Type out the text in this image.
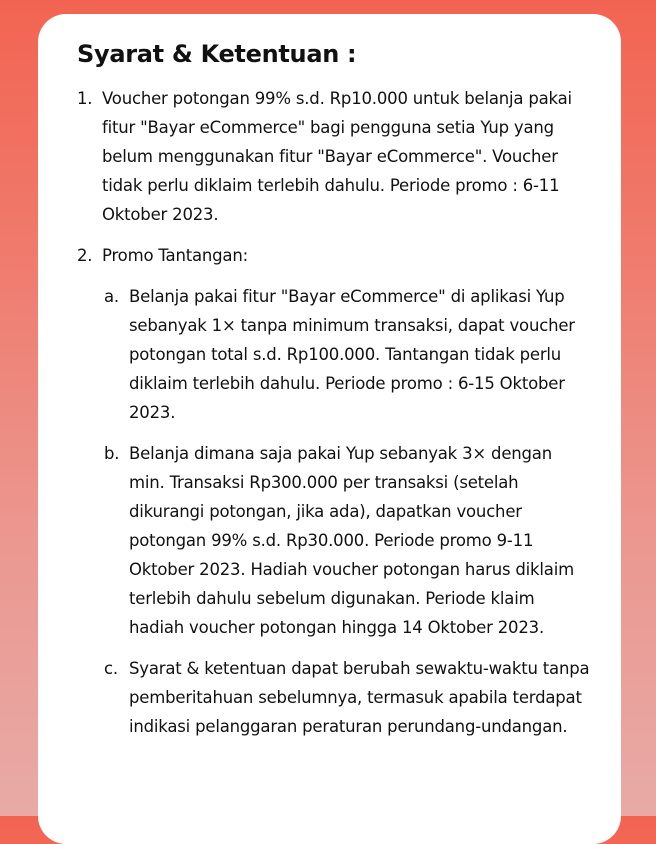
Syarat & Ketentuan :
1. Voucher potongan 99% s.d. Rp10.000 untuk belanja pakai fitur "Bayar eCommerce" bagi pengguna setia Yup yang belum menggunakan fitur "Bayar eCommerce". Voucher tidak perlu diklaim terlebih dahulu. Periode promo : 6-11 Oktober 2023.
2. Promo Tantangan:
a. Belanja pakai fitur "Bayar eCommerce" di aplikasi Yup sebanyak 1× tanpa minimum transaksi, dapat voucher potongan total s.d. Rp100.000. Tantangan tidak perlu diklaim terlebih dahulu. Periode promo : 6-15 Oktober 2023.
b. Belanja dimana saja pakai Yup sebanyak 3× dengan min. Transaksi Rp300.000 per transaksi (setelah dikurangi potongan, jika ada), dapatkan voucher potongan 99% s.d. Rp30.000. Periode promo 9-11 Oktober 2023. Hadiah voucher potongan harus diklaim terlebih dahulu sebelum digunakan. Periode klaim hadiah voucher potongan hingga 14 Oktober 2023.
c. Syarat & ketentuan dapat berubah sewaktu-waktu tanpa pemberitahuan sebelumnya, termasuk apabila terdapat indikasi pelanggaran peraturan perundang-undangan.
